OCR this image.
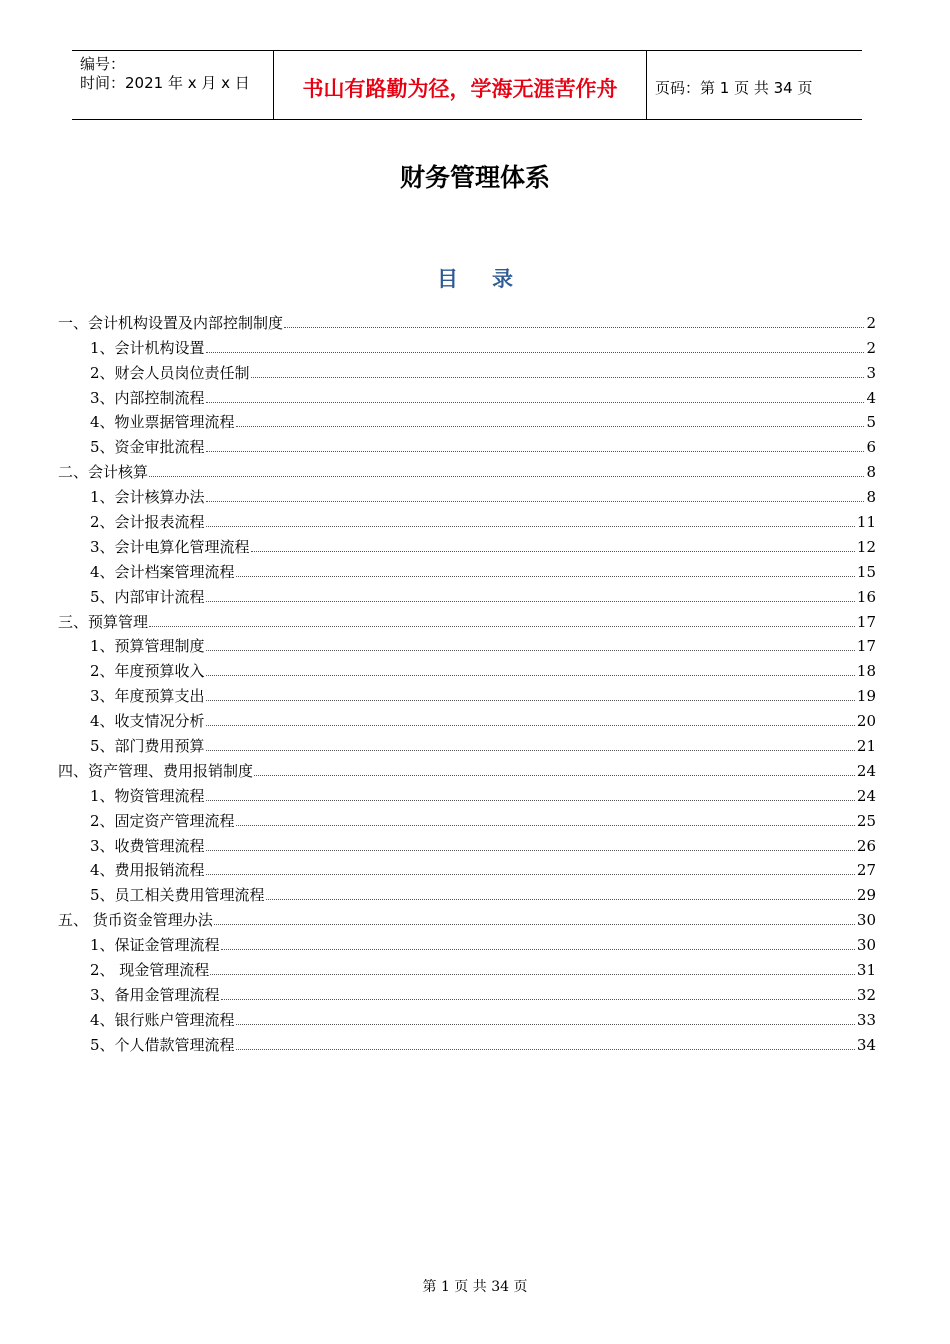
编号：
时间：2021 年 x 月 x 日	书山有路勤为径，学海无涯苦作舟	页码：第 1 页 共 34 页
财务管理体系
目录
一、会计机构设置及内部控制制度	2
1、会计机构设置	2
2、财会人员岗位责任制	3
3、内部控制流程	4
4、物业票据管理流程	5
5、资金审批流程	6
二、会计核算	8
1、会计核算办法	8
2、会计报表流程	11
3、会计电算化管理流程	12
4、会计档案管理流程	15
5、内部审计流程	16
三、预算管理	17
1、预算管理制度	17
2、年度预算收入	18
3、年度预算支出	19
4、收支情况分析	20
5、部门费用预算	21
四、资产管理、费用报销制度	24
1、物资管理流程	24
2、固定资产管理流程	25
3、收费管理流程	26
4、费用报销流程	27
5、员工相关费用管理流程	29
五、 货币资金管理办法	30
1、保证金管理流程	30
2、 现金管理流程	31
3、备用金管理流程	32
4、银行账户管理流程	33
5、个人借款管理流程	34
第 1 页 共 34 页
